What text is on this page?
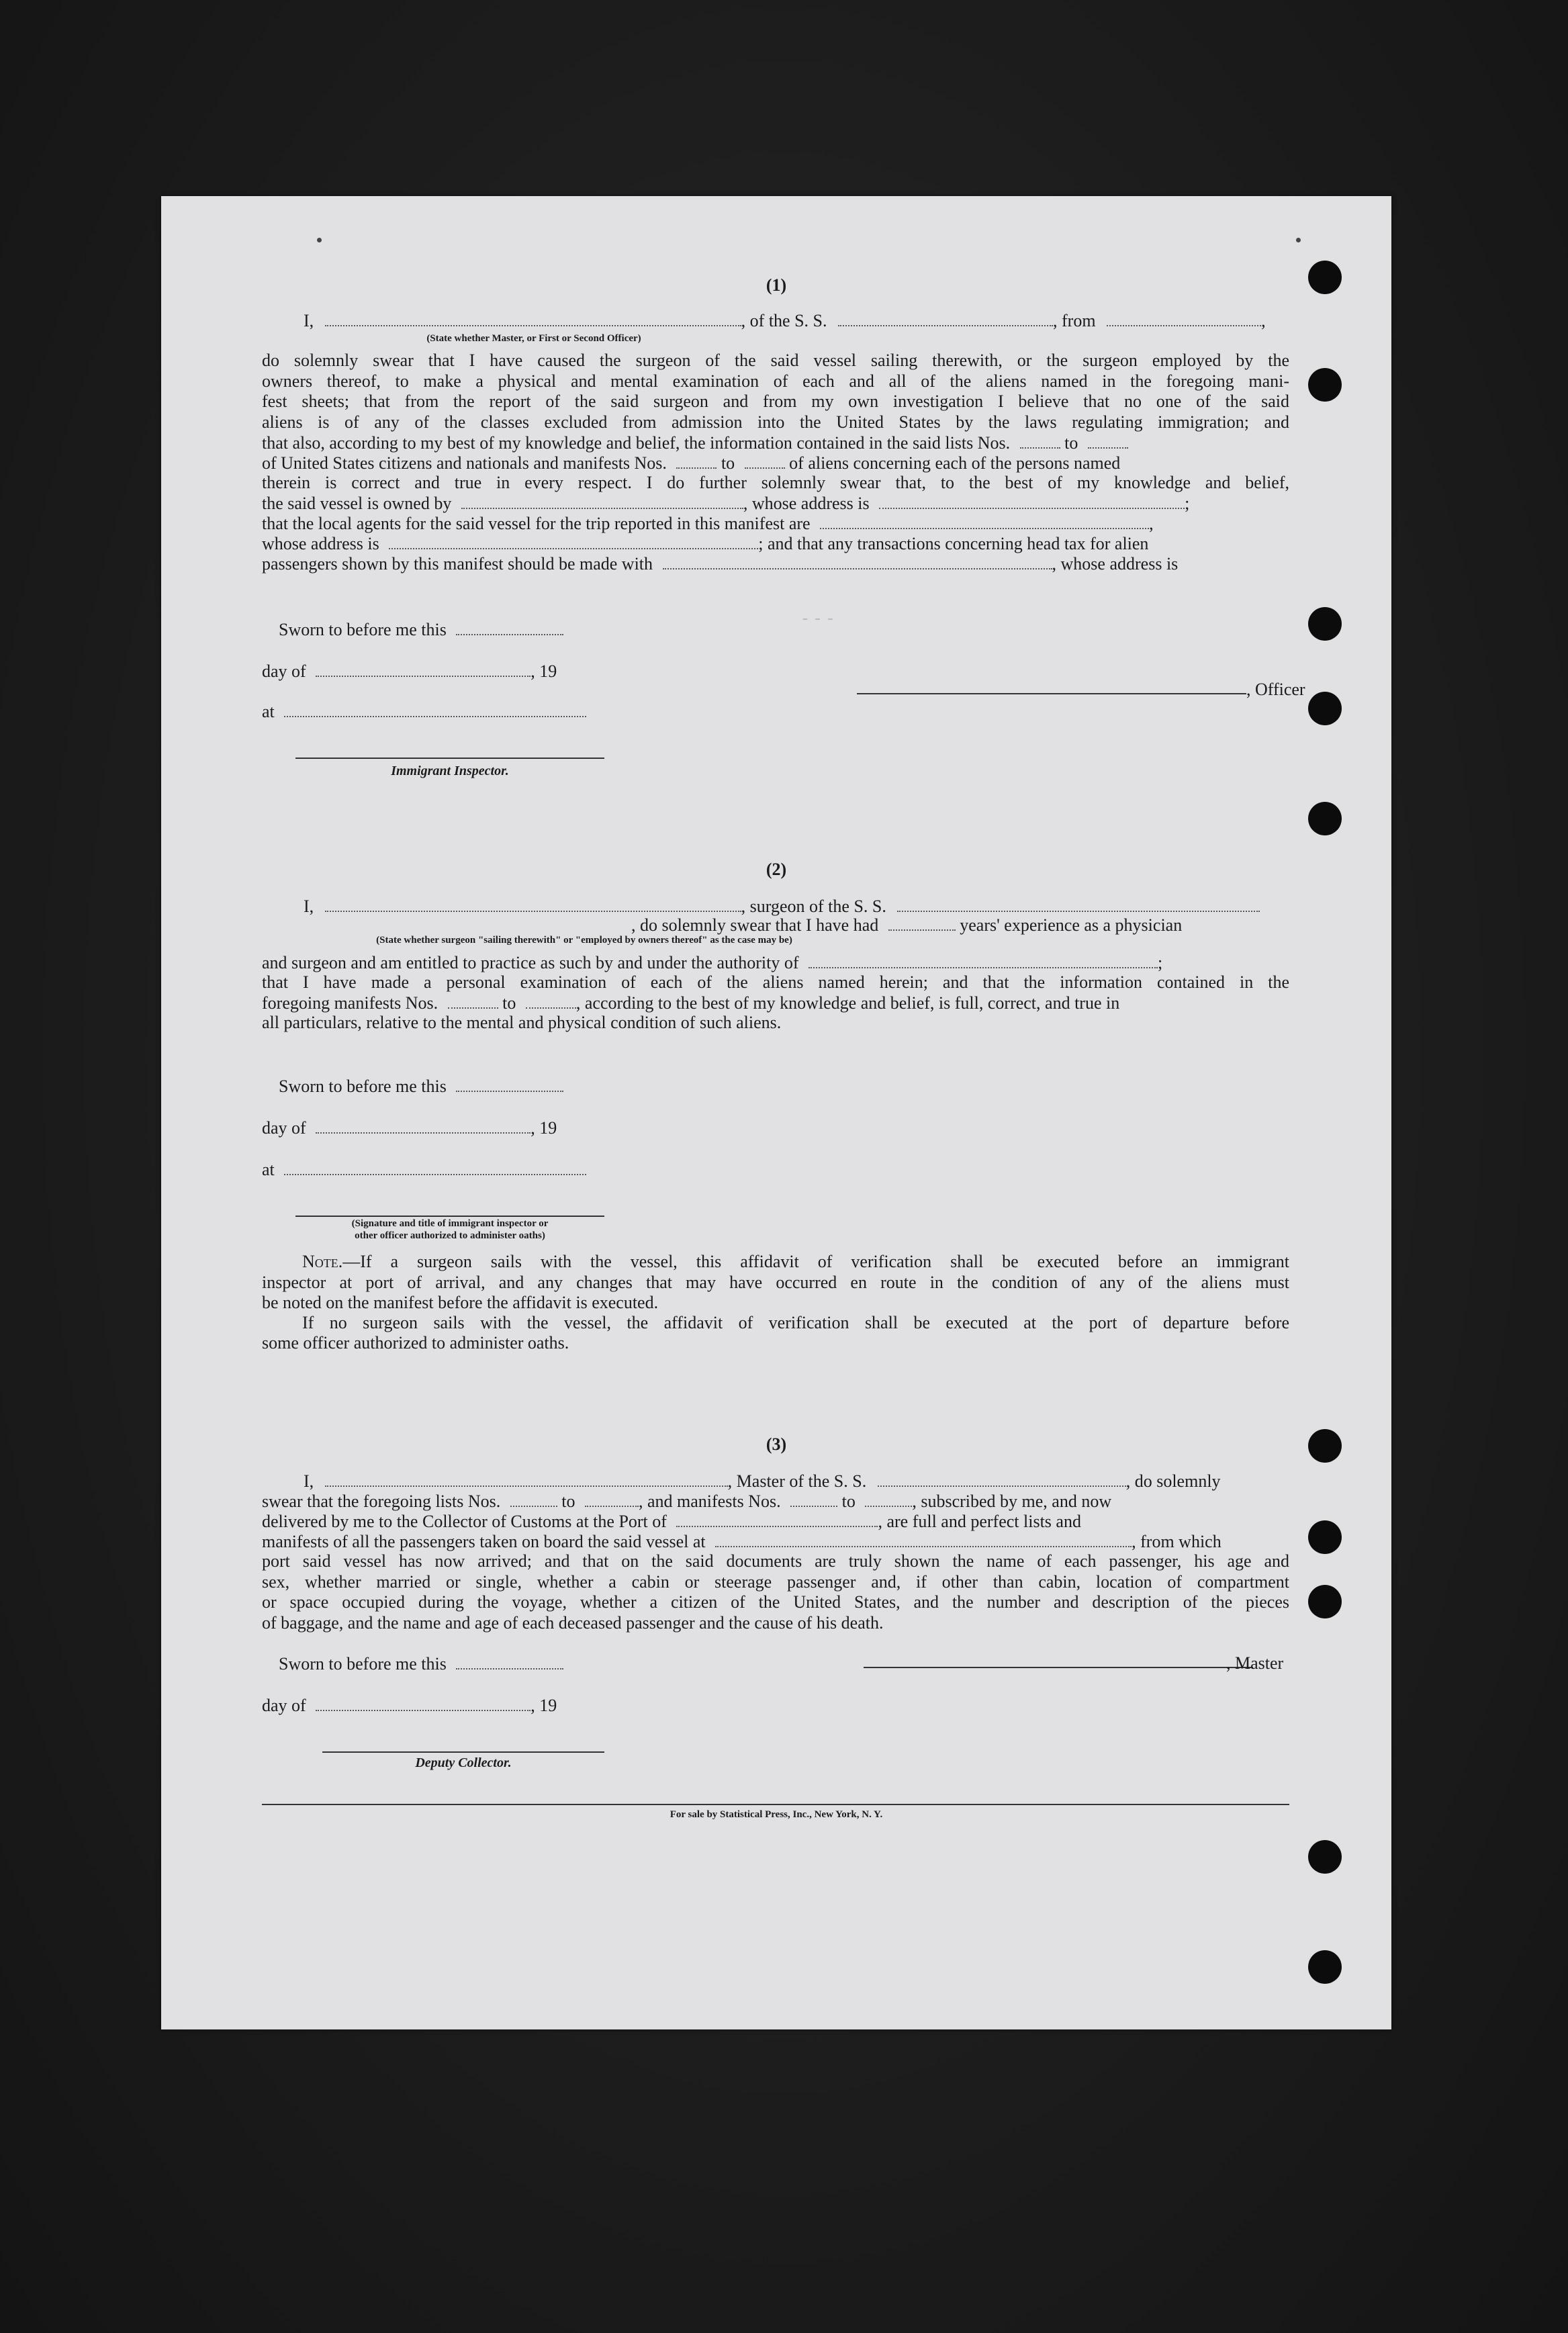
---

(1)
I,	, of the S. S.	, from	,
(State whether Master, or First or Second Officer)
do solemnly swear that I have caused the surgeon of the said vessel sailing therewith, or the surgeon employed by the
owners thereof, to make a physical and mental examination of each and all of the aliens named in the foregoing mani-
fest sheets; that from the report of the said surgeon and from my own investigation I believe that no one of the said
aliens is of any of the classes excluded from admission into the United States by the laws regulating immigration; and
that also, according to my best of my knowledge and belief, the information contained in the said lists Nos.	to
of United States citizens and nationals and manifests Nos.	to	of aliens concerning each of the persons named
therein is correct and true in every respect. I do further solemnly swear that, to the best of my knowledge and belief,
the said vessel is owned by	, whose address is	;
that the local agents for the said vessel for the trip reported in this manifest are	,
whose address is	; and that any transactions concerning head tax for alien
passengers shown by this manifest should be made with	, whose address is
Sworn to before me this
day of	, 19
at
, Officer
Immigrant Inspector.
(2)
I,	, surgeon of the S. S.
, do solemnly swear that I have had	years' experience as a physician
(State whether surgeon "sailing therewith" or "employed by owners thereof" as the case may be)
and surgeon and am entitled to practice as such by and under the authority of	;
that I have made a personal examination of each of the aliens named herein; and that the information contained in the
foregoing manifests Nos.	to	, according to the best of my knowledge and belief, is full, correct, and true in
all particulars, relative to the mental and physical condition of such aliens.
Sworn to before me this
day of	, 19
at
(Signature and title of immigrant inspector or
other officer authorized to administer oaths)
Note.—If a surgeon sails with the vessel, this affidavit of verification shall be executed before an immigrant
inspector at port of arrival, and any changes that may have occurred en route in the condition of any of the aliens must
be noted on the manifest before the affidavit is executed.
If no surgeon sails with the vessel, the affidavit of verification shall be executed at the port of departure before
some officer authorized to administer oaths.
(3)
I,	, Master of the S. S.	, do solemnly
swear that the foregoing lists Nos.	to	, and manifests Nos.	to	, subscribed by me, and now
delivered by me to the Collector of Customs at the Port of	, are full and perfect lists and
manifests of all the passengers taken on board the said vessel at	, from which
port said vessel has now arrived; and that on the said documents are truly shown the name of each passenger, his age and
sex, whether married or single, whether a cabin or steerage passenger and, if other than cabin, location of compartment
or space occupied during the voyage, whether a citizen of the United States, and the number and description of the pieces
of baggage, and the name and age of each deceased passenger and the cause of his death.
Sworn to before me this	, Master
day of	, 19
Deputy Collector.
For sale by Statistical Press, Inc., New York, N. Y.
